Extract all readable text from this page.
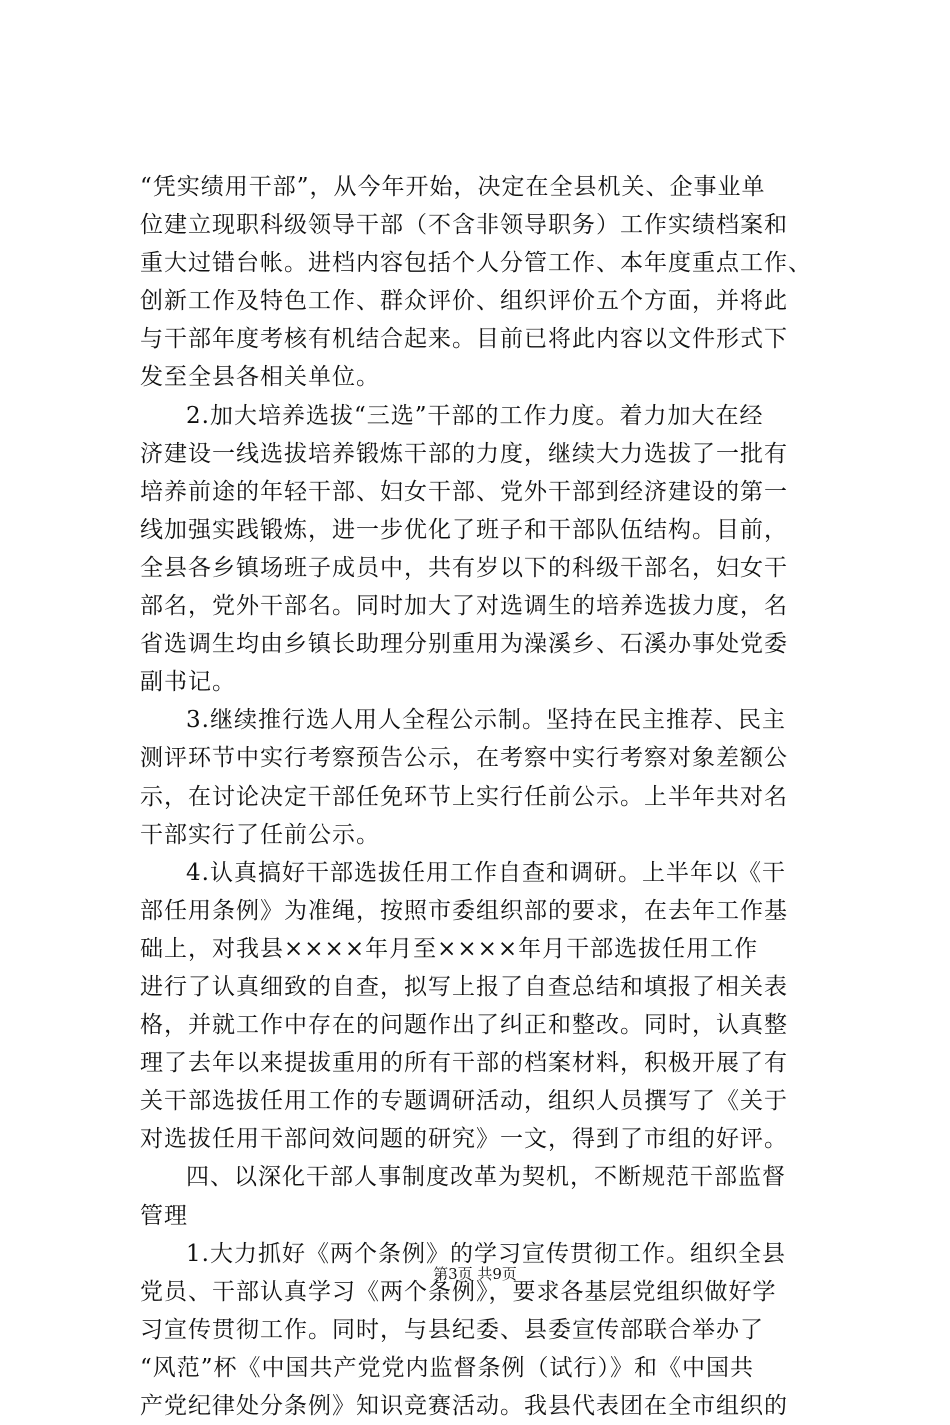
“凭实绩用干部”，从今年开始，决定在全县机关、企事业单
位建立现职科级领导干部（不含非领导职务）工作实绩档案和
重大过错台帐。进档内容包括个人分管工作、本年度重点工作、
创新工作及特色工作、群众评价、组织评价五个方面，并将此
与干部年度考核有机结合起来。目前已将此内容以文件形式下
发至全县各相关单位。
2.加大培养选拔“三选”干部的工作力度。着力加大在经
济建设一线选拔培养锻炼干部的力度，继续大力选拔了一批有
培养前途的年轻干部、妇女干部、党外干部到经济建设的第一
线加强实践锻炼，进一步优化了班子和干部队伍结构。目前，
全县各乡镇场班子成员中，共有岁以下的科级干部名，妇女干
部名，党外干部名。同时加大了对选调生的培养选拔力度，名
省选调生均由乡镇长助理分别重用为澡溪乡、石溪办事处党委
副书记。
3.继续推行选人用人全程公示制。坚持在民主推荐、民主
测评环节中实行考察预告公示，在考察中实行考察对象差额公
示，在讨论决定干部任免环节上实行任前公示。上半年共对名
干部实行了任前公示。
4.认真搞好干部选拔任用工作自查和调研。上半年以《干
部任用条例》为准绳，按照市委组织部的要求，在去年工作基
础上，对我县××××年月至××××年月干部选拔任用工作
进行了认真细致的自查，拟写上报了自查总结和填报了相关表
格，并就工作中存在的问题作出了纠正和整改。同时，认真整
理了去年以来提拔重用的所有干部的档案材料，积极开展了有
关干部选拔任用工作的专题调研活动，组织人员撰写了《关于
对选拔任用干部问效问题的研究》一文，得到了市组的好评。
四、以深化干部人事制度改革为契机，不断规范干部监督
管理
1.大力抓好《两个条例》的学习宣传贯彻工作。组织全县
党员、干部认真学习《两个条例》，要求各基层党组织做好学
习宣传贯彻工作。同时，与县纪委、县委宣传部联合举办了
“风范”杯《中国共产党党内监督条例（试行）》和《中国共
产党纪律处分条例》知识竞赛活动。我县代表团在全市组织的
第3页 共9页
